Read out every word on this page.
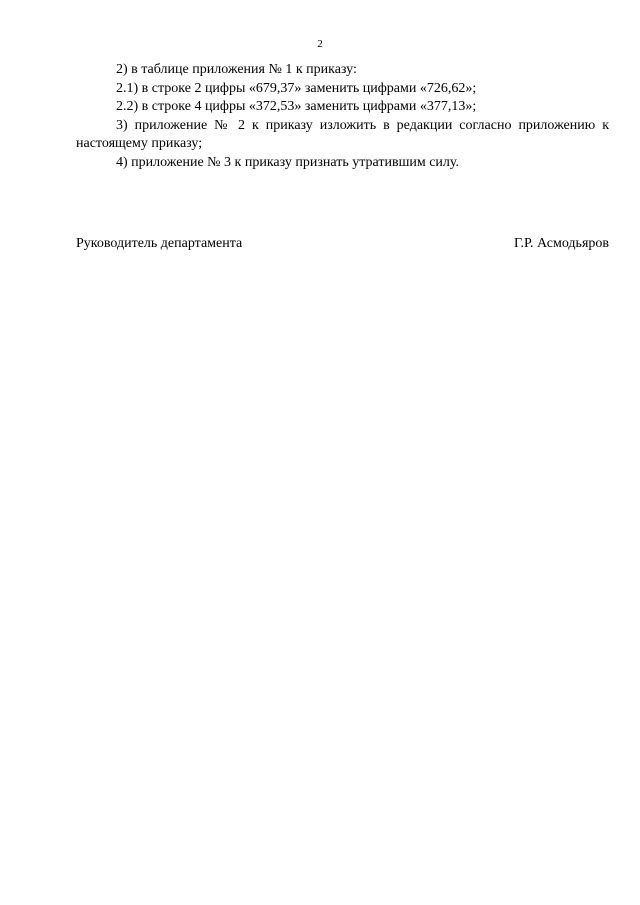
2

2) в таблице приложения № 1 к приказу:

2.1) в строке 2 цифры «679,37» заменить цифрами «726,62»;

2.2) в строке 4 цифры «372,53» заменить цифрами «377,13»;

3) приложение № 2 к приказу изложить в редакции согласно приложению к настоящему приказу;

4) приложение № 3 к приказу признать утратившим силу.

Руководитель департамента	Г.Р. Асмодьяров
